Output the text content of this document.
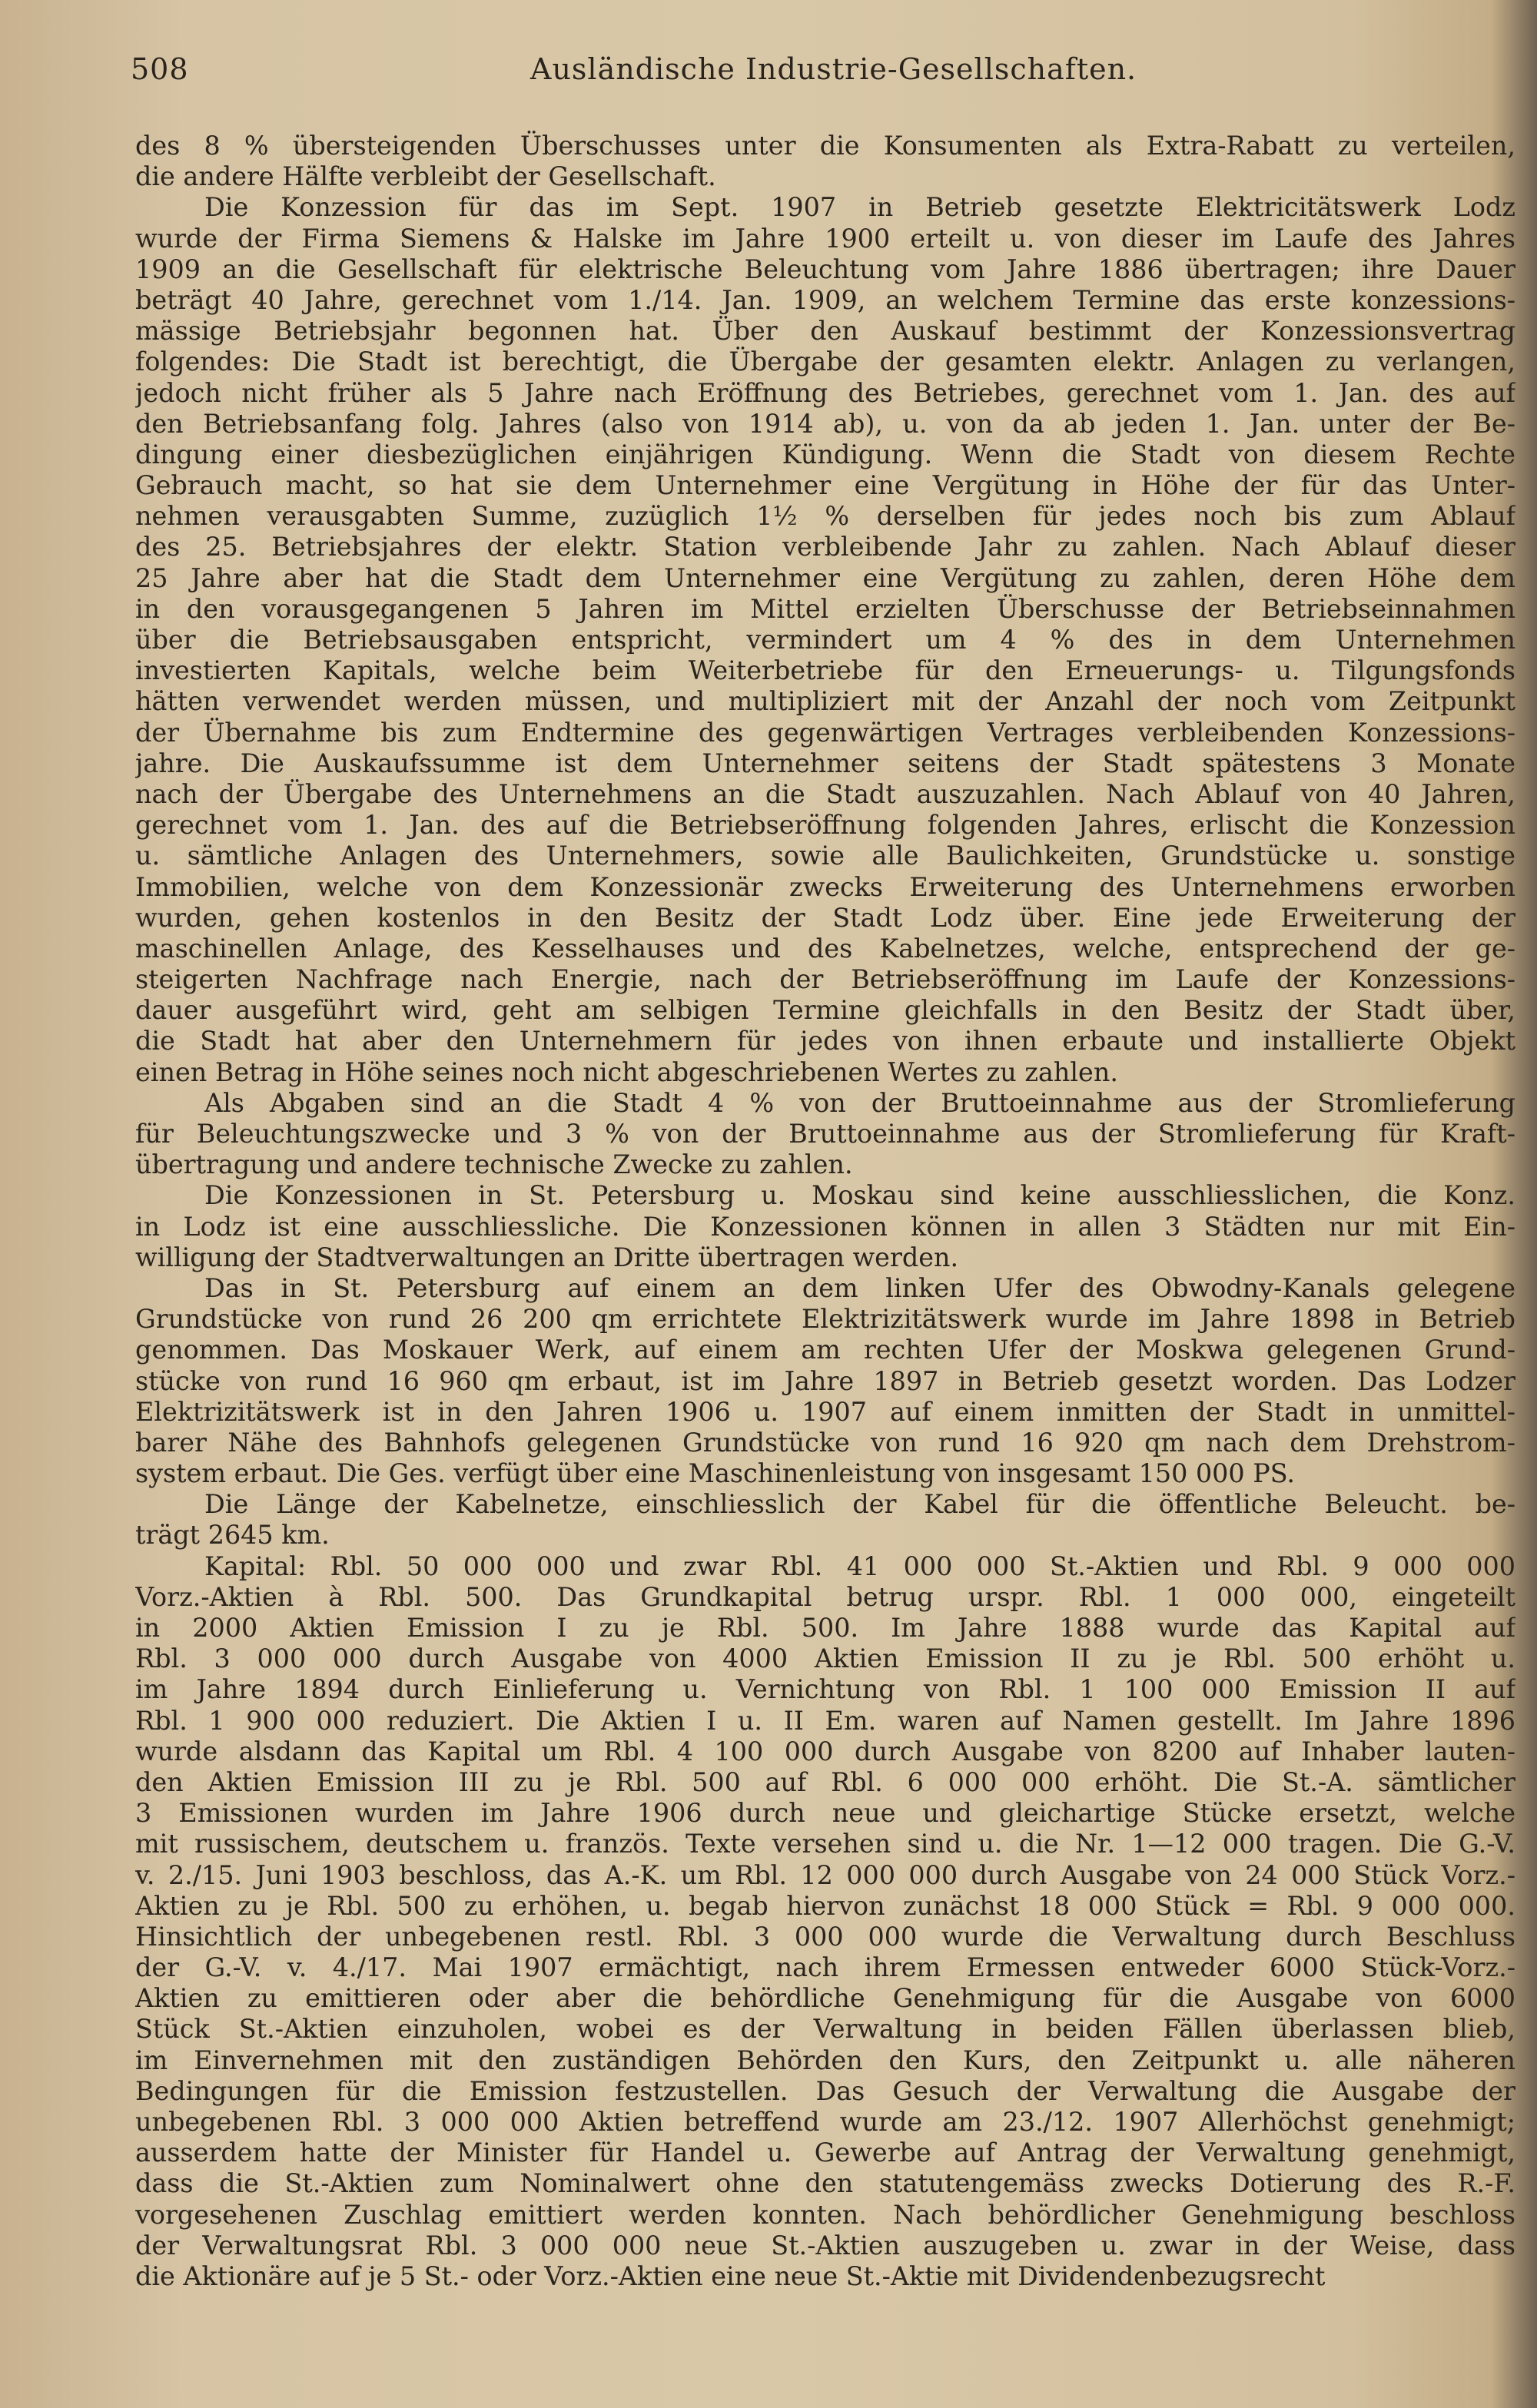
508	Ausländische Industrie-Gesellschaften.
des 8 % übersteigenden Überschusses unter die Konsumenten als Extra-Rabatt zu verteilen,
die andere Hälfte verbleibt der Gesellschaft.
Die Konzession für das im Sept. 1907 in Betrieb gesetzte Elektricitätswerk Lodz
wurde der Firma Siemens & Halske im Jahre 1900 erteilt u. von dieser im Laufe des Jahres
1909 an die Gesellschaft für elektrische Beleuchtung vom Jahre 1886 übertragen; ihre Dauer
beträgt 40 Jahre, gerechnet vom 1./14. Jan. 1909, an welchem Termine das erste konzessions-
mässige Betriebsjahr begonnen hat. Über den Auskauf bestimmt der Konzessionsvertrag
folgendes: Die Stadt ist berechtigt, die Übergabe der gesamten elektr. Anlagen zu verlangen,
jedoch nicht früher als 5 Jahre nach Eröffnung des Betriebes, gerechnet vom 1. Jan. des auf
den Betriebsanfang folg. Jahres (also von 1914 ab), u. von da ab jeden 1. Jan. unter der Be-
dingung einer diesbezüglichen einjährigen Kündigung. Wenn die Stadt von diesem Rechte
Gebrauch macht, so hat sie dem Unternehmer eine Vergütung in Höhe der für das Unter-
nehmen verausgabten Summe, zuzüglich 1½ % derselben für jedes noch bis zum Ablauf
des 25. Betriebsjahres der elektr. Station verbleibende Jahr zu zahlen. Nach Ablauf dieser
25 Jahre aber hat die Stadt dem Unternehmer eine Vergütung zu zahlen, deren Höhe dem
in den vorausgegangenen 5 Jahren im Mittel erzielten Überschusse der Betriebseinnahmen
über die Betriebsausgaben entspricht, vermindert um 4 % des in dem Unternehmen
investierten Kapitals, welche beim Weiterbetriebe für den Erneuerungs- u. Tilgungsfonds
hätten verwendet werden müssen, und multipliziert mit der Anzahl der noch vom Zeitpunkt
der Übernahme bis zum Endtermine des gegenwärtigen Vertrages verbleibenden Konzessions-
jahre. Die Auskaufssumme ist dem Unternehmer seitens der Stadt spätestens 3 Monate
nach der Übergabe des Unternehmens an die Stadt auszuzahlen. Nach Ablauf von 40 Jahren,
gerechnet vom 1. Jan. des auf die Betriebseröffnung folgenden Jahres, erlischt die Konzession
u. sämtliche Anlagen des Unternehmers, sowie alle Baulichkeiten, Grundstücke u. sonstige
Immobilien, welche von dem Konzessionär zwecks Erweiterung des Unternehmens erworben
wurden, gehen kostenlos in den Besitz der Stadt Lodz über. Eine jede Erweiterung der
maschinellen Anlage, des Kesselhauses und des Kabelnetzes, welche, entsprechend der ge-
steigerten Nachfrage nach Energie, nach der Betriebseröffnung im Laufe der Konzessions-
dauer ausgeführt wird, geht am selbigen Termine gleichfalls in den Besitz der Stadt über,
die Stadt hat aber den Unternehmern für jedes von ihnen erbaute und installierte Objekt
einen Betrag in Höhe seines noch nicht abgeschriebenen Wertes zu zahlen.
Als Abgaben sind an die Stadt 4 % von der Bruttoeinnahme aus der Stromlieferung
für Beleuchtungszwecke und 3 % von der Bruttoeinnahme aus der Stromlieferung für Kraft-
übertragung und andere technische Zwecke zu zahlen.
Die Konzessionen in St. Petersburg u. Moskau sind keine ausschliesslichen, die Konz.
in Lodz ist eine ausschliessliche. Die Konzessionen können in allen 3 Städten nur mit Ein-
willigung der Stadtverwaltungen an Dritte übertragen werden.
Das in St. Petersburg auf einem an dem linken Ufer des Obwodny-Kanals gelegene
Grundstücke von rund 26 200 qm errichtete Elektrizitätswerk wurde im Jahre 1898 in Betrieb
genommen. Das Moskauer Werk, auf einem am rechten Ufer der Moskwa gelegenen Grund-
stücke von rund 16 960 qm erbaut, ist im Jahre 1897 in Betrieb gesetzt worden. Das Lodzer
Elektrizitätswerk ist in den Jahren 1906 u. 1907 auf einem inmitten der Stadt in unmittel-
barer Nähe des Bahnhofs gelegenen Grundstücke von rund 16 920 qm nach dem Drehstrom-
system erbaut. Die Ges. verfügt über eine Maschinenleistung von insgesamt 150 000 PS.
Die Länge der Kabelnetze, einschliesslich der Kabel für die öffentliche Beleucht. be-
trägt 2645 km.
Kapital: Rbl. 50 000 000 und zwar Rbl. 41 000 000 St.-Aktien und Rbl. 9 000 000
Vorz.-Aktien à Rbl. 500. Das Grundkapital betrug urspr. Rbl. 1 000 000, eingeteilt
in 2000 Aktien Emission I zu je Rbl. 500. Im Jahre 1888 wurde das Kapital auf
Rbl. 3 000 000 durch Ausgabe von 4000 Aktien Emission II zu je Rbl. 500 erhöht u.
im Jahre 1894 durch Einlieferung u. Vernichtung von Rbl. 1 100 000 Emission II auf
Rbl. 1 900 000 reduziert. Die Aktien I u. II Em. waren auf Namen gestellt. Im Jahre 1896
wurde alsdann das Kapital um Rbl. 4 100 000 durch Ausgabe von 8200 auf Inhaber lauten-
den Aktien Emission III zu je Rbl. 500 auf Rbl. 6 000 000 erhöht. Die St.-A. sämtlicher
3 Emissionen wurden im Jahre 1906 durch neue und gleichartige Stücke ersetzt, welche
mit russischem, deutschem u. französ. Texte versehen sind u. die Nr. 1—12 000 tragen. Die G.-V.
v. 2./15. Juni 1903 beschloss, das A.-K. um Rbl. 12 000 000 durch Ausgabe von 24 000 Stück Vorz.-
Aktien zu je Rbl. 500 zu erhöhen, u. begab hiervon zunächst 18 000 Stück = Rbl. 9 000 000.
Hinsichtlich der unbegebenen restl. Rbl. 3 000 000 wurde die Verwaltung durch Beschluss
der G.-V. v. 4./17. Mai 1907 ermächtigt, nach ihrem Ermessen entweder 6000 Stück-Vorz.-
Aktien zu emittieren oder aber die behördliche Genehmigung für die Ausgabe von 6000
Stück St.-Aktien einzuholen, wobei es der Verwaltung in beiden Fällen überlassen blieb,
im Einvernehmen mit den zuständigen Behörden den Kurs, den Zeitpunkt u. alle näheren
Bedingungen für die Emission festzustellen. Das Gesuch der Verwaltung die Ausgabe der
unbegebenen Rbl. 3 000 000 Aktien betreffend wurde am 23./12. 1907 Allerhöchst genehmigt;
ausserdem hatte der Minister für Handel u. Gewerbe auf Antrag der Verwaltung genehmigt,
dass die St.-Aktien zum Nominalwert ohne den statutengemäss zwecks Dotierung des R.-F.
vorgesehenen Zuschlag emittiert werden konnten. Nach behördlicher Genehmigung beschloss
der Verwaltungsrat Rbl. 3 000 000 neue St.-Aktien auszugeben u. zwar in der Weise, dass
die Aktionäre auf je 5 St.- oder Vorz.-Aktien eine neue St.-Aktie mit Dividendenbezugsrecht
